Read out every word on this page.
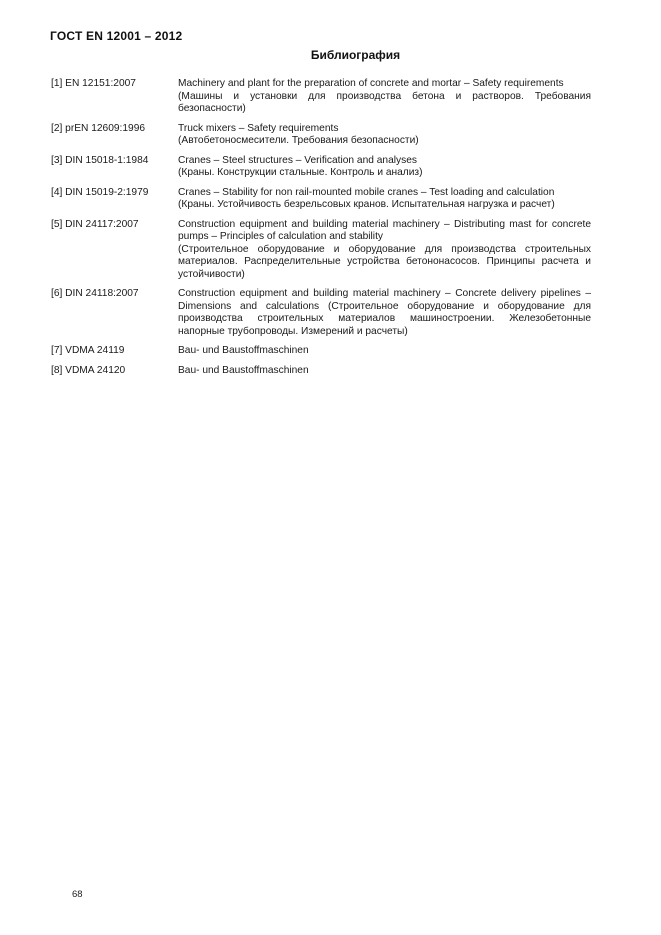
ГОСТ EN 12001 – 2012
Библиография
[1] EN 12151:2007	Machinery and plant for the preparation of concrete and mortar – Safety requirements

(Машины и установки для производства бетона и растворов. Требования безопасности)

[2] prEN 12609:1996	Truck mixers – Safety requirements

(Автобетоносмесители. Требования безопасности)

[3] DIN 15018-1:1984	Cranes – Steel structures – Verification and analyses

(Краны. Конструкции стальные. Контроль и анализ)

[4] DIN 15019-2:1979	Cranes – Stability for non rail-mounted mobile cranes – Test loading and calculation

(Краны. Устойчивость безрельсовых кранов. Испытательная нагрузка и расчет)

[5] DIN 24117:2007	Construction equipment and building material machinery – Distributing mast for concrete pumps – Principles of calculation and stability

(Строительное оборудование и оборудование для производства строительных материалов. Распределительные устройства бетононасосов. Принципы расчета и устойчивости)

[6] DIN 24118:2007	Construction equipment and building material machinery – Concrete delivery pipelines – Dimensions and calculations (Строительное оборудование и оборудование для производства строительных материалов машиностроении. Железобетонные напорные трубопроводы. Измерений и расчеты)

[7] VDMA 24119	Bau- und Baustoffmaschinen

[8] VDMA 24120	Bau- und Baustoffmaschinen

68
